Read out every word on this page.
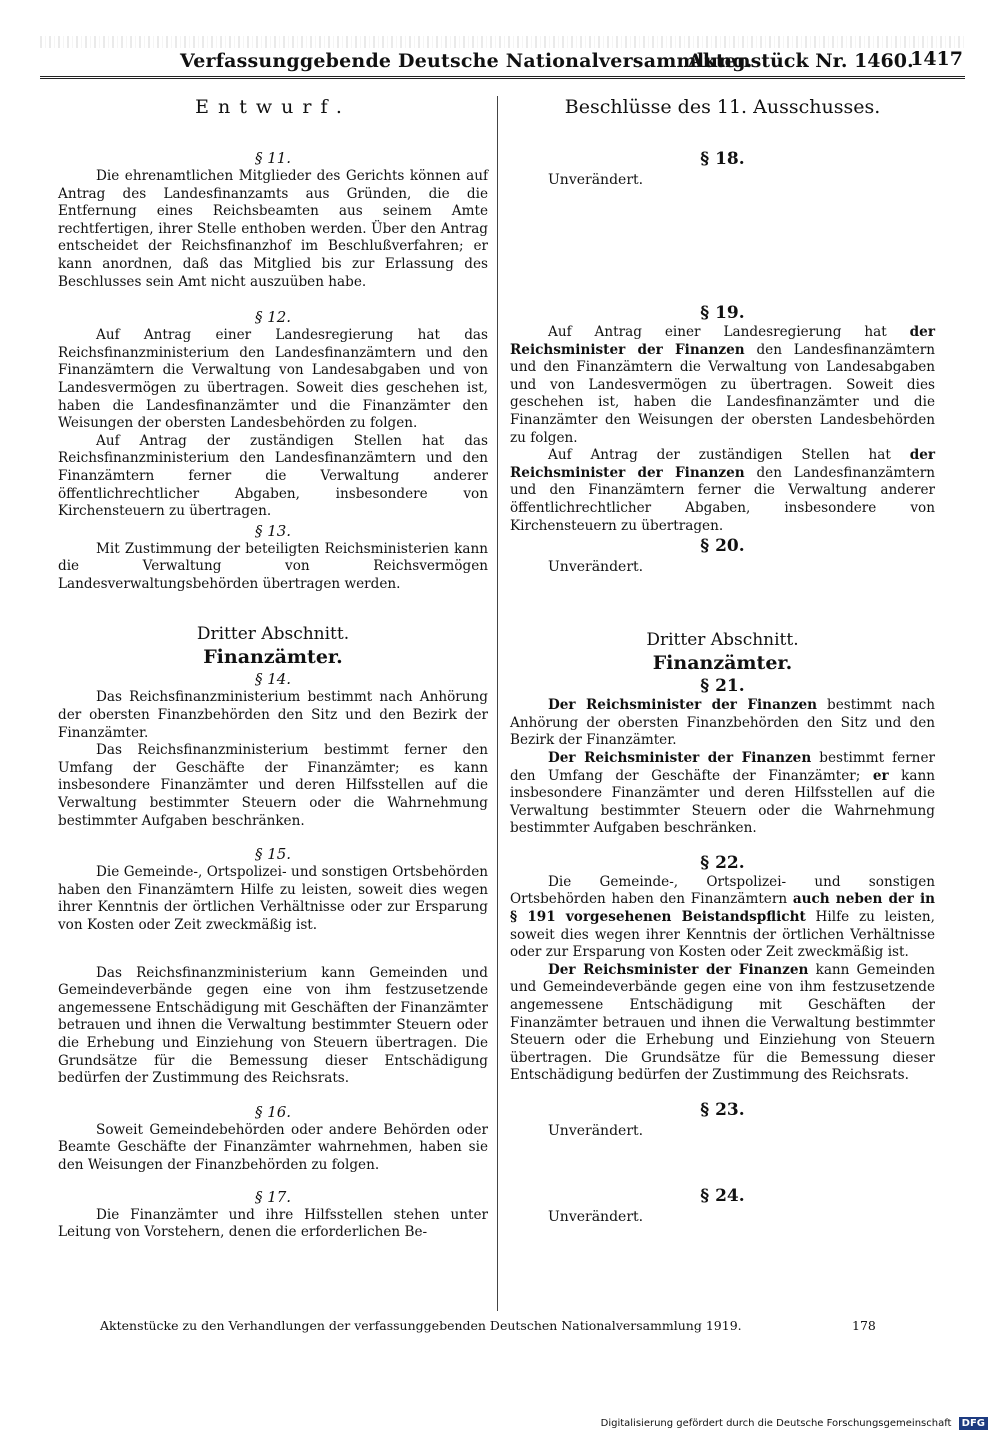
Verfassunggebende Deutsche Nationalversammlung.
Aktenstück Nr. 1460.
1417
Entwurf.
§ 11.

Die ehrenamtlichen Mitglieder des Gerichts können auf Antrag des Landesfinanzamts aus Gründen, die die Entfernung eines Reichsbeamten aus seinem Amte rechtfertigen, ihrer Stelle enthoben werden. Über den Antrag entscheidet der Reichsfinanzhof im Beschlußverfahren; er kann anordnen, daß das Mitglied bis zur Erlassung des Beschlusses sein Amt nicht auszuüben habe.

§ 12.

Auf Antrag einer Landesregierung hat das Reichsfinanzministerium den Landesfinanzämtern und den Finanzämtern die Verwaltung von Landesabgaben und von Landesvermögen zu übertragen. Soweit dies geschehen ist, haben die Landesfinanzämter und die Finanzämter den Weisungen der obersten Landesbehörden zu folgen.

Auf Antrag der zuständigen Stellen hat das Reichsfinanzministerium den Landesfinanzämtern und den Finanzämtern ferner die Verwaltung anderer öffentlichrechtlicher Abgaben, insbesondere von Kirchensteuern zu übertragen.

§ 13.

Mit Zustimmung der beteiligten Reichsministerien kann die Verwaltung von Reichsvermögen Landesverwaltungsbehörden übertragen werden.

Dritter Abschnitt.
Finanzämter.
§ 14.

Das Reichsfinanzministerium bestimmt nach Anhörung der obersten Finanzbehörden den Sitz und den Bezirk der Finanzämter.

Das Reichsfinanzministerium bestimmt ferner den Umfang der Geschäfte der Finanzämter; es kann insbesondere Finanzämter und deren Hilfsstellen auf die Verwaltung bestimmter Steuern oder die Wahrnehmung bestimmter Aufgaben beschränken.

§ 15.

Die Gemeinde-, Ortspolizei- und sonstigen Ortsbehörden haben den Finanzämtern Hilfe zu leisten, soweit dies wegen ihrer Kenntnis der örtlichen Verhältnisse oder zur Ersparung von Kosten oder Zeit zweckmäßig ist.

Das Reichsfinanzministerium kann Gemeinden und Gemeindeverbände gegen eine von ihm festzusetzende angemessene Entschädigung mit Geschäften der Finanzämter betrauen und ihnen die Verwaltung bestimmter Steuern oder die Erhebung und Einziehung von Steuern übertragen. Die Grundsätze für die Bemessung dieser Entschädigung bedürfen der Zustimmung des Reichsrats.

§ 16.

Soweit Gemeindebehörden oder andere Behörden oder Beamte Geschäfte der Finanzämter wahrnehmen, haben sie den Weisungen der Finanzbehörden zu folgen.

§ 17.

Die Finanzämter und ihre Hilfsstellen stehen unter Leitung von Vorstehern, denen die erforderlichen Be-

Beschlüsse des 11. Ausschusses.
§ 18.
Unverändert.
§ 19.

Auf Antrag einer Landesregierung hat der Reichsminister der Finanzen den Landesfinanzämtern und den Finanzämtern die Verwaltung von Landesabgaben und von Landesvermögen zu übertragen. Soweit dies geschehen ist, haben die Landesfinanzämter und die Finanzämter den Weisungen der obersten Landesbehörden zu folgen.

Auf Antrag der zuständigen Stellen hat der Reichsminister der Finanzen den Landesfinanzämtern und den Finanzämtern ferner die Verwaltung anderer öffentlichrechtlicher Abgaben, insbesondere von Kirchensteuern zu übertragen.

§ 20.
Unverändert.
Dritter Abschnitt.
Finanzämter.
§ 21.

Der Reichsminister der Finanzen bestimmt nach Anhörung der obersten Finanzbehörden den Sitz und den Bezirk der Finanzämter.

Der Reichsminister der Finanzen bestimmt ferner den Umfang der Geschäfte der Finanzämter; er kann insbesondere Finanzämter und deren Hilfsstellen auf die Verwaltung bestimmter Steuern oder die Wahrnehmung bestimmter Aufgaben beschränken.

§ 22.

Die Gemeinde-, Ortspolizei- und sonstigen Ortsbehörden haben den Finanzämtern auch neben der in § 191 vorgesehenen Beistandspflicht Hilfe zu leisten, soweit dies wegen ihrer Kenntnis der örtlichen Verhältnisse oder zur Ersparung von Kosten oder Zeit zweckmäßig ist.

Der Reichsminister der Finanzen kann Gemeinden und Gemeindeverbände gegen eine von ihm festzusetzende angemessene Entschädigung mit Geschäften der Finanzämter betrauen und ihnen die Verwaltung bestimmter Steuern oder die Erhebung und Einziehung von Steuern übertragen. Die Grundsätze für die Bemessung dieser Entschädigung bedürfen der Zustimmung des Reichsrats.

§ 23.
Unverändert.
§ 24.
Unverändert.
Aktenstücke zu den Verhandlungen der verfassunggebenden Deutschen Nationalversammlung 1919.	178
Digitalisierung gefördert durch die Deutsche Forschungsgemeinschaft DFG
